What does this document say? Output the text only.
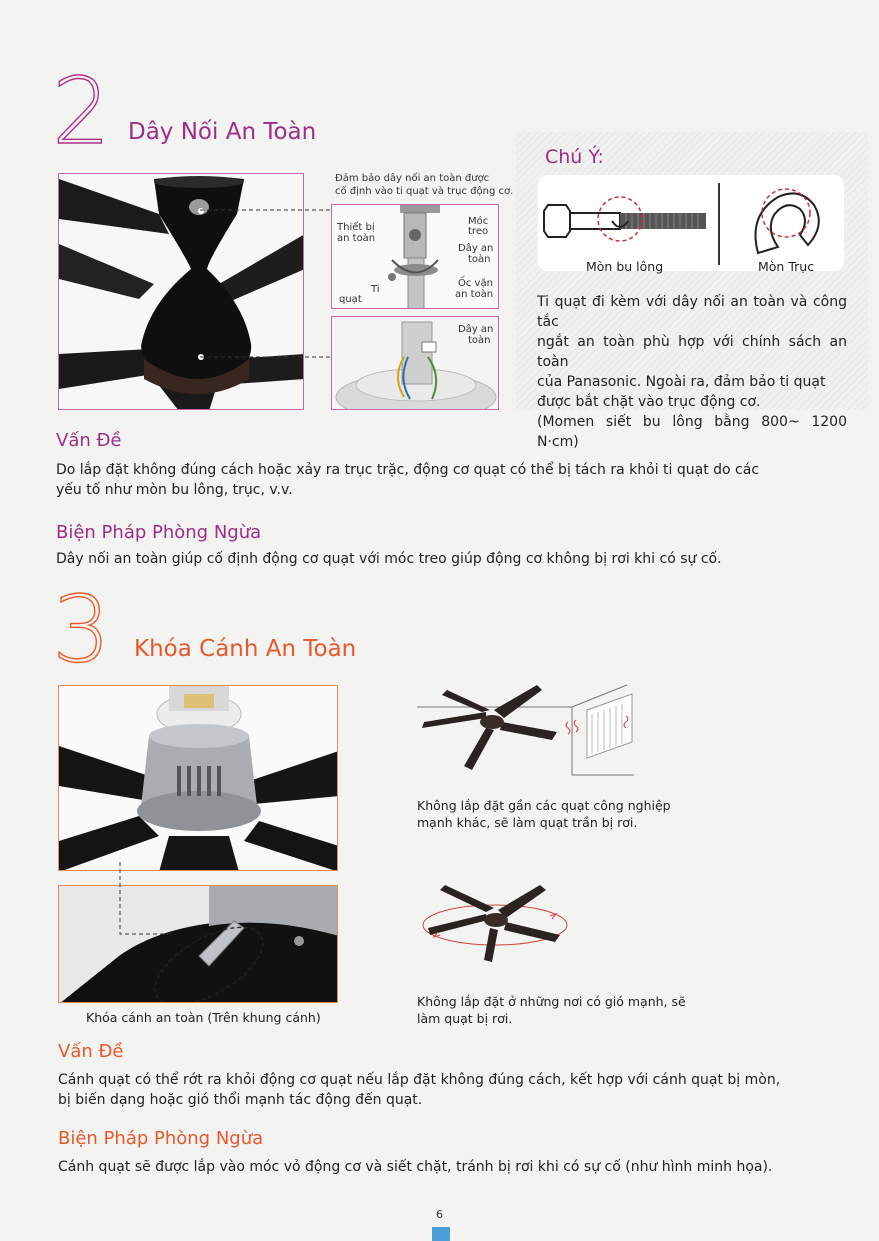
2 Dây Nối An Toàn
Đảm bảo dây nối an toàn được
cố định vào ti quạt và trục động cơ.
Thiết bị
an toàn
Móc
treo
Dây an
toàn
Ốc vặn
an toàn
Ti
quạt
Dây an
toàn
Chú Ý:
Mòn bu lông	Mòn Trục
Ti quạt đi kèm với dây nối an toàn và công tắc
ngắt an toàn phù hợp với chính sách an toàn
của Panasonic. Ngoài ra, đảm bảo ti quạt
được bắt chặt vào trục động cơ.
(Momen siết bu lông bằng 800~ 1200 N·cm)
Vấn Đề
Do lắp đặt không đúng cách hoặc xảy ra trục trặc, động cơ quạt có thể bị tách ra khỏi ti quạt do các
yếu tố như mòn bu lông, trục, v.v.
Biện Pháp Phòng Ngừa
Dây nối an toàn giúp cố định động cơ quạt với móc treo giúp động cơ không bị rơi khi có sự cố.
3 Khóa Cánh An Toàn
Khóa cánh an toàn (Trên khung cánh)
Không lắp đặt gần các quạt công nghiệp
mạnh khác, sẽ làm quạt trần bị rơi.
Không lắp đặt ở những nơi có gió mạnh, sẽ
làm quạt bị rơi.
Vấn Đề
Cánh quạt có thể rớt ra khỏi động cơ quạt nếu lắp đặt không đúng cách, kết hợp với cánh quạt bị mòn,
bị biến dạng hoặc gió thổi mạnh tác động đến quạt.
Biện Pháp Phòng Ngừa
Cánh quạt sẽ được lắp vào móc vỏ động cơ và siết chặt, tránh bị rơi khi có sự cố (như hình minh họa).
6
